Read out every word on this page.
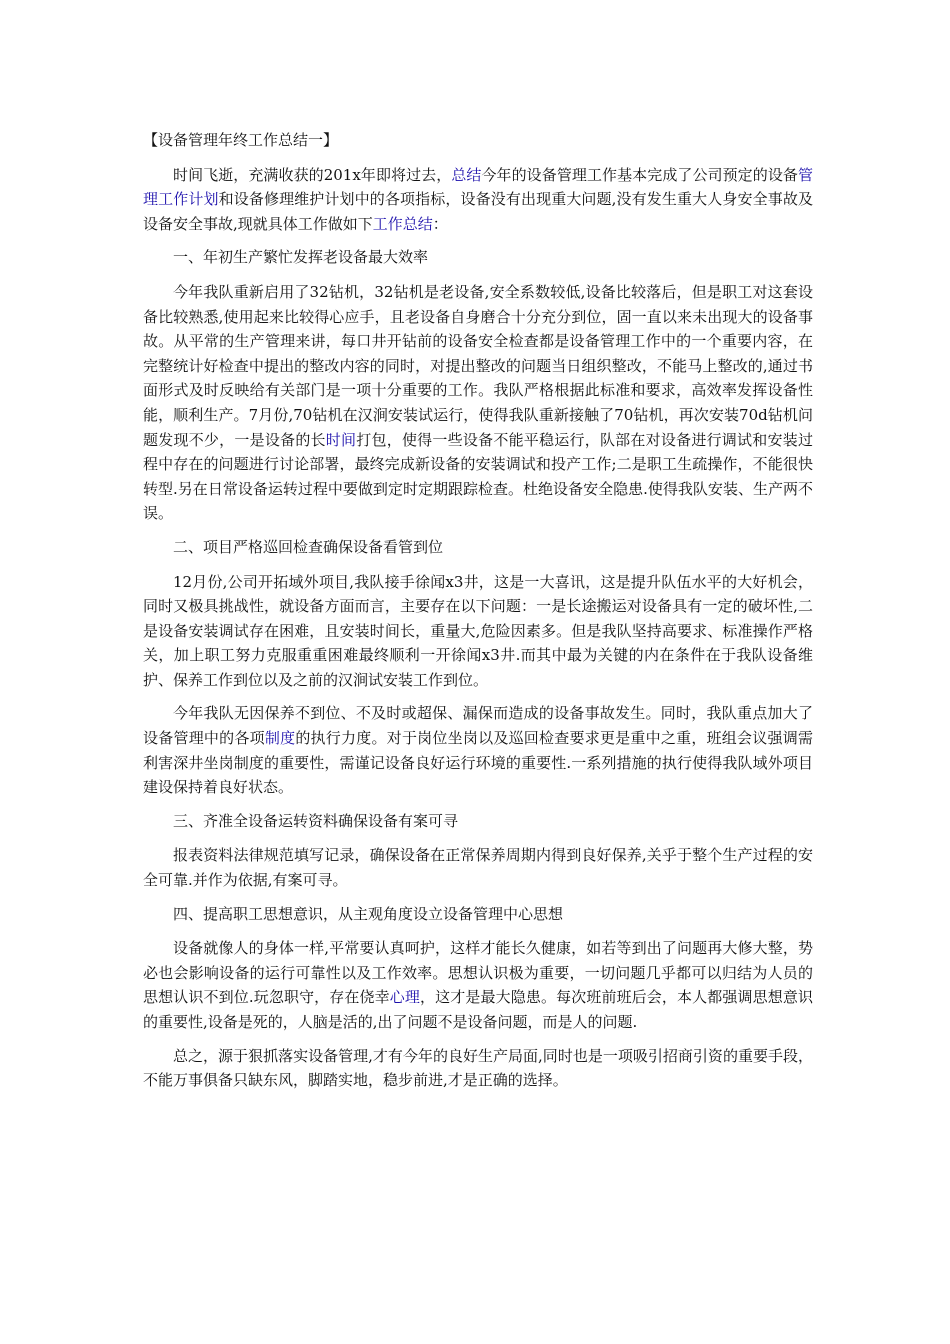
【设备管理年终工作总结一】

时间飞逝，充满收获的201x年即将过去，总结今年的设备管理工作基本完成了公司预定的设备管理工作计划和设备修理维护计划中的各项指标，设备没有出现重大问题,没有发生重大人身安全事故及设备安全事故,现就具体工作做如下工作总结：

一、年初生产繁忙发挥老设备最大效率

今年我队重新启用了32钻机，32钻机是老设备,安全系数较低,设备比较落后，但是职工对这套设备比较熟悉,使用起来比较得心应手，且老设备自身磨合十分充分到位，固一直以来未出现大的设备事故。从平常的生产管理来讲，每口井开钻前的设备安全检查都是设备管理工作中的一个重要内容，在完整统计好检查中提出的整改内容的同时，对提出整改的问题当日组织整改，不能马上整改的,通过书面形式及时反映给有关部门是一项十分重要的工作。我队严格根据此标准和要求，高效率发挥设备性能，顺利生产。7月份,70钻机在汉涧安装试运行，使得我队重新接触了70钻机，再次安装70d钻机问题发现不少，一是设备的长时间打包，使得一些设备不能平稳运行，队部在对设备进行调试和安装过程中存在的问题进行讨论部署，最终完成新设备的安装调试和投产工作;二是职工生疏操作，不能很快转型.另在日常设备运转过程中要做到定时定期跟踪检查。杜绝设备安全隐患.使得我队安装、生产两不误。

二、项目严格巡回检查确保设备看管到位

12月份,公司开拓域外项目,我队接手徐闻x3井，这是一大喜讯，这是提升队伍水平的大好机会，同时又极具挑战性，就设备方面而言，主要存在以下问题：一是长途搬运对设备具有一定的破坏性,二是设备安装调试存在困难，且安装时间长，重量大,危险因素多。但是我队坚持高要求、标准操作严格关，加上职工努力克服重重困难最终顺利一开徐闻x3井.而其中最为关键的内在条件在于我队设备维护、保养工作到位以及之前的汉涧试安装工作到位。

今年我队无因保养不到位、不及时或超保、漏保而造成的设备事故发生。同时，我队重点加大了设备管理中的各项制度的执行力度。对于岗位坐岗以及巡回检查要求更是重中之重，班组会议强调需利害深井坐岗制度的重要性，需谨记设备良好运行环境的重要性.一系列措施的执行使得我队域外项目建设保持着良好状态。

三、齐准全设备运转资料确保设备有案可寻

报表资料法律规范填写记录，确保设备在正常保养周期内得到良好保养,关乎于整个生产过程的安全可靠.并作为依据,有案可寻。

四、提高职工思想意识，从主观角度设立设备管理中心思想

设备就像人的身体一样,平常要认真呵护，这样才能长久健康，如若等到出了问题再大修大整，势必也会影响设备的运行可靠性以及工作效率。思想认识极为重要，一切问题几乎都可以归结为人员的思想认识不到位.玩忽职守，存在侥幸心理，这才是最大隐患。每次班前班后会，本人都强调思想意识的重要性,设备是死的，人脑是活的,出了问题不是设备问题，而是人的问题.

总之，源于狠抓落实设备管理,才有今年的良好生产局面,同时也是一项吸引招商引资的重要手段，不能万事俱备只缺东风，脚踏实地，稳步前进,才是正确的选择。
